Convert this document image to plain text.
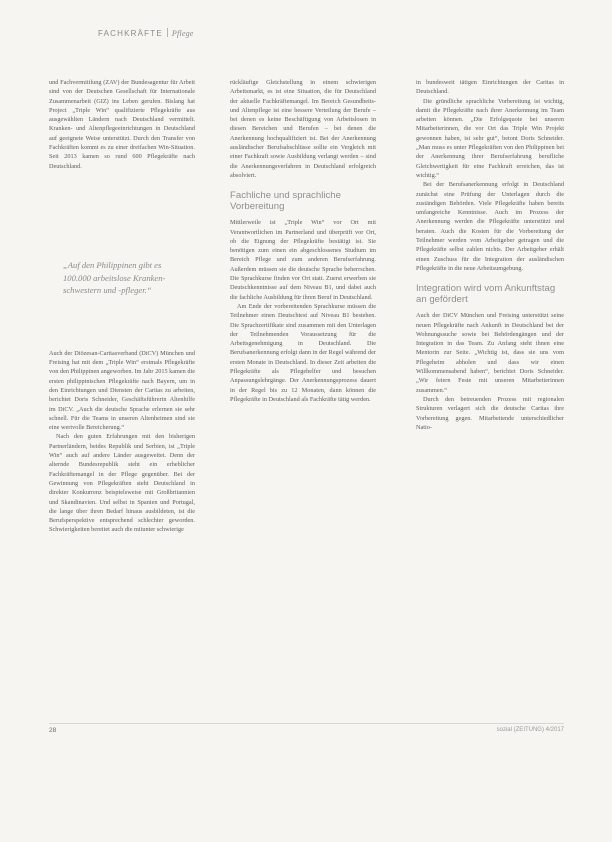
FACHKRÄFTE Pflege

und Fachvermittlung (ZAV) der Bundesagentur für Arbeit sind von der Deutschen Gesellschaft für Internationale Zusammenarbeit (GIZ) ins Leben gerufen. Bislang hat Project „Triple Win“ qualifizierte Pflegekräfte aus ausgewählten Ländern nach Deutschland vermittelt. Kranken- und Altenpflegeeinrichtungen in Deutschland auf geeignete Weise unterstützt. Durch den Transfer von Fachkräften kommt es zu einer dreifachen Win-Situation. Seit 2013 kamen so rund 600 Pflegekräfte nach Deutschland.

„Auf den Philippinen gibt es 100.000 arbeitslose Kranken-schwestern und -pfleger.“

Auch der Diözesan-Caritasverband (DiCV) München und Freising hat mit dem „Triple Win“ erstmals Pflegekräfte von den Philippinen angeworben. Im Jahr 2015 kamen die ersten philippinischen Pflegekräfte nach Bayern, um in den Einrichtungen und Diensten der Caritas zu arbeiten, berichtet Doris Schneider, Geschäftsführerin Altenhilfe im DiCV. „Auch die deutsche Sprache erlernen sie sehr schnell. Für die Teams in unseren Altenheimen sind sie eine wertvolle Bereicherung.“

Nach den guten Erfahrungen mit den bisherigen Partnerländern, beides Republik und Serbien, ist „Triple Win“ auch auf andere Länder ausgeweitet. Denn der alternde Bundesrepublik steht ein erheblicher Fachkräftemangel in der Pflege gegenüber. Bei der Gewinnung von Pflegekräften steht Deutschland in direkter Konkurrenz beispielsweise mit Großbritannien und Skandinavien. Und selbst in Spanien und Portugal, die lange über ihren Bedarf hinaus ausbildeten, ist die Berufsperspektive entsprechend schlechter geworden. Schwierigkeiten bereitet auch die mitunter schwierige

rückläufige Gleichstellung in einem schwierigen Arbeitsmarkt, es ist eine Situation, die für Deutschland der aktuelle Fachkräftemangel. Im Bereich Gesundheits- und Altenpflege ist eine bessere Verteilung der Berufe – bei denen es keine Beschäftigung von Arbeitslosen in diesen Bereichen und Berufen – bei denen die Anerkennung hochqualifiziert ist. Bei der Anerkennung ausländischer Berufsabschlüsse sollte ein Vergleich mit einer Fachkraft sowie Ausbildung verlangt werden – sind die Anerkennungsverfahren in Deutschland erfolgreich absolviert.

Fachliche und sprachliche Vorbereitung

Mittlerweile ist „Triple Win“ vor Ort mit Verantwortlichen im Partnerland und überprüft vor Ort, ob die Eignung der Pflegekräfte bestätigt ist. Sie benötigen zum einen ein abgeschlossenes Studium im Bereich Pflege und zum anderen Berufserfahrung. Außerdem müssen sie die deutsche Sprache beherrschen. Die Sprachkurse finden vor Ort statt. Zuerst erwerben sie Deutschkenntnisse auf dem Niveau B1, und dabei auch die fachliche Ausbildung für ihren Beruf in Deutschland.

Am Ende der vorbereitenden Sprachkurse müssen die Teilnehmer einen Deutschtest auf Niveau B1 bestehen. Die Sprachzertifikate sind zusammen mit den Unterlagen der Teilnehmenden Voraussetzung für die Arbeitsgenehmigung in Deutschland. Die Berufsanerkennung erfolgt dann in der Regel während der ersten Monate in Deutschland. In dieser Zeit arbeiten die Pflegekräfte als Pflegehelfer und besuchen Anpassungslehrgänge. Der Anerkennungsprozess dauert in der Regel bis zu 12 Monaten, dann können die Pflegekräfte in Deutschland als Fachkräfte tätig werden.

in bundesweit tätigen Einrichtungen der Caritas in Deutschland.

Die gründliche sprachliche Vorbereitung ist wichtig, damit die Pflegekräfte nach ihrer Anerkennung im Team arbeiten können. „Die Erfolgsquote bei unseren Mitarbeiterinnen, die vor Ort das Triple Win Projekt gewonnen haben, ist sehr gut“, betont Doris Schneider. „Man muss es unter Pflegekräften von den Philippinen bei der Anerkennung ihrer Berufserfahrung berufliche Gleichwertigkeit für eine Fachkraft erreichen, das ist wichtig.“

Bei der Berufsanerkennung erfolgt in Deutschland zunächst eine Prüfung der Unterlagen durch die zuständigen Behörden. Viele Pflegekräfte haben bereits umfangreiche Kenntnisse. Auch im Prozess der Anerkennung werden die Pflegekräfte unterstützt und beraten. Auch die Kosten für die Vorbereitung der Teilnehmer werden vom Arbeitgeber getragen und die Pflegekräfte selbst zahlen nichts. Der Arbeitgeber erhält einen Zuschuss für die Integration der ausländischen Pflegekräfte in die neue Arbeitsumgebung.

Integration wird vom Ankunftstag an gefördert

Auch der DiCV München und Freising unterstützt seine neuen Pflegekräfte nach Ankunft in Deutschland bei der Wohnungssuche sowie bei Behördengängen und der Integration in das Team. Zu Anfang steht ihnen eine Mentorin zur Seite. „Wichtig ist, dass sie uns vom Pflegeheim abholen und dass wir einen Willkommensabend haben“, berichtet Doris Schneider. „Wir feiern Feste mit unseren Mitarbeiterinnen zusammen.“

Durch den betreuenden Prozess mit regionalen Strukturen verlagert sich die deutsche Caritas ihre Vorbereitung gegen. Mitarbeitende unterschiedlicher Natio-

28	sozial (ZEITUNG) 4/2017
